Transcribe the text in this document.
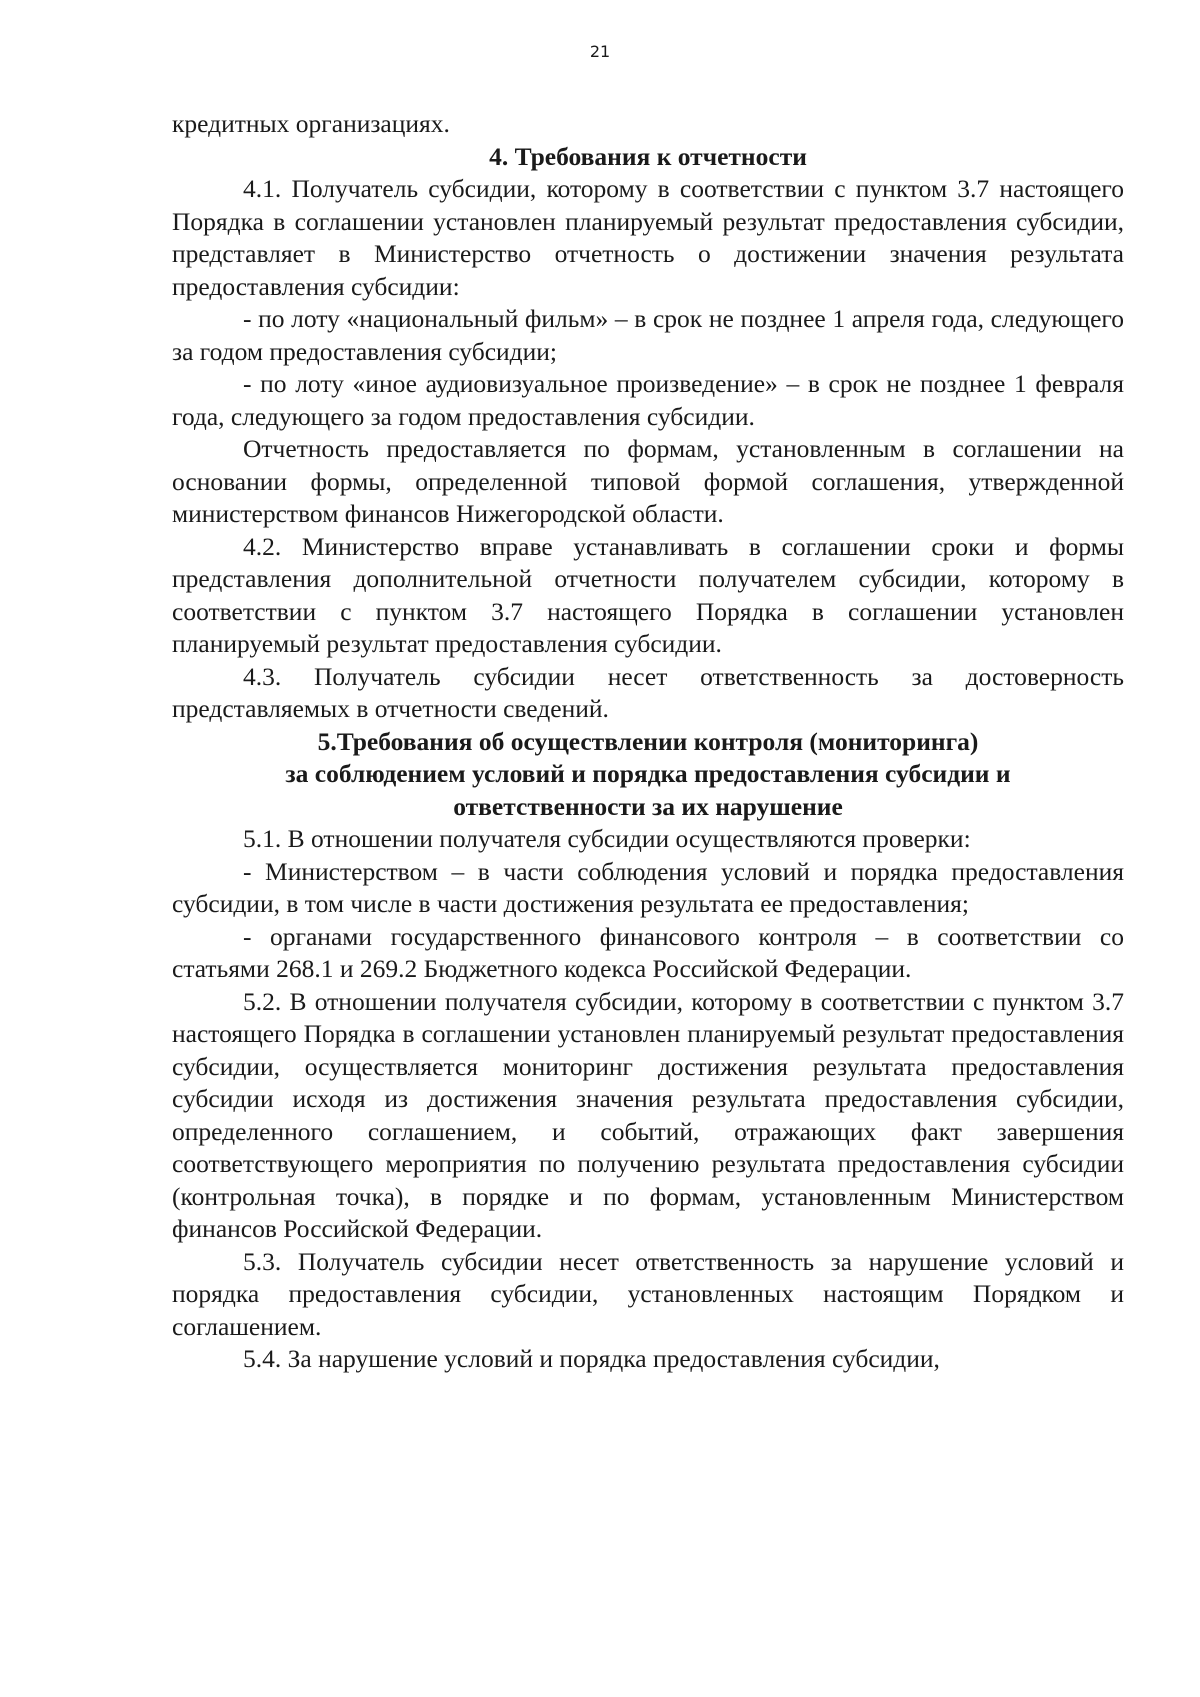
21

кредитных организациях.

4. Требования к отчетности

4.1. Получатель субсидии, которому в соответствии с пунктом 3.7 настоящего Порядка в соглашении установлен планируемый результат предоставления субсидии, представляет в Министерство отчетность о достижении значения результата предоставления субсидии:

- по лоту «национальный фильм» – в срок не позднее 1 апреля года, следующего за годом предоставления субсидии;

- по лоту «иное аудиовизуальное произведение» – в срок не позднее 1 февраля года, следующего за годом предоставления субсидии.

Отчетность предоставляется по формам, установленным в соглашении на основании формы, определенной типовой формой соглашения, утвержденной министерством финансов Нижегородской области.

4.2. Министерство вправе устанавливать в соглашении сроки и формы представления дополнительной отчетности получателем субсидии, которому в соответствии с пунктом 3.7 настоящего Порядка в соглашении установлен планируемый результат предоставления субсидии.

4.3. Получатель субсидии несет ответственность за достоверность представляемых в отчетности сведений.

5.Требования об осуществлении контроля (мониторинга)
за соблюдением условий и порядка предоставления субсидии и
ответственности за их нарушение

5.1. В отношении получателя субсидии осуществляются проверки:

- Министерством – в части соблюдения условий и порядка предоставления субсидии, в том числе в части достижения результата ее предоставления;

- органами государственного финансового контроля – в соответствии со статьями 268.1 и 269.2 Бюджетного кодекса Российской Федерации.

5.2. В отношении получателя субсидии, которому в соответствии с пунктом 3.7 настоящего Порядка в соглашении установлен планируемый результат предоставления субсидии, осуществляется мониторинг достижения результата предоставления субсидии исходя из достижения значения результата предоставления субсидии, определенного соглашением, и событий, отражающих факт завершения соответствующего мероприятия по получению результата предоставления субсидии (контрольная точка), в порядке и по формам, установленным Министерством финансов Российской Федерации.

5.3. Получатель субсидии несет ответственность за нарушение условий и порядка предоставления субсидии, установленных настоящим Порядком и соглашением.

5.4. За нарушение условий и порядка предоставления субсидии,
